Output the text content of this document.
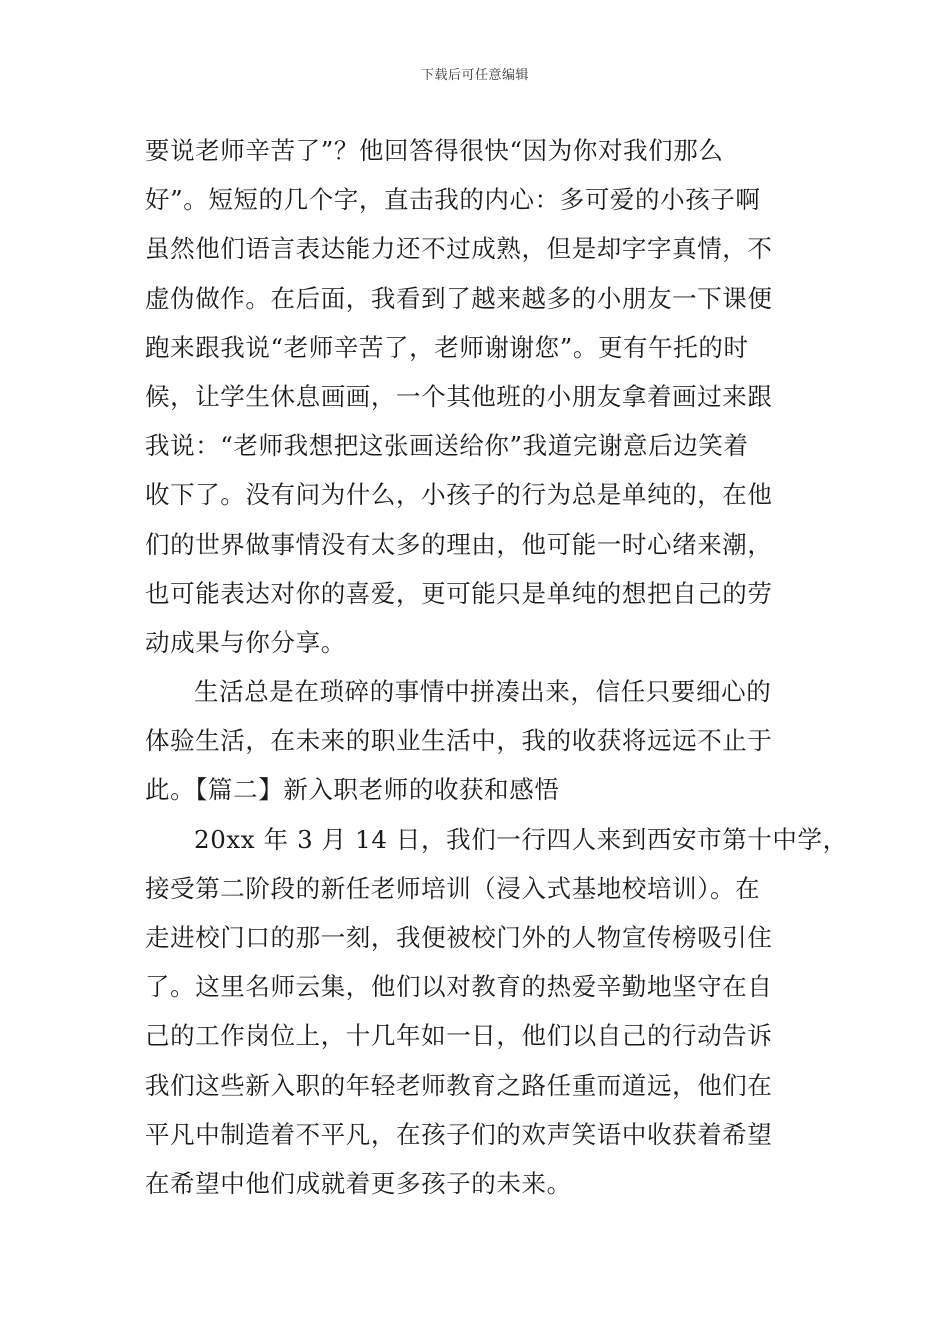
下载后可任意编辑
要说老师辛苦了”？他回答得很快“因为你对我们那么
好”。短短的几个字，直击我的内心：多可爱的小孩子啊
虽然他们语言表达能力还不过成熟，但是却字字真情，不
虚伪做作。在后面，我看到了越来越多的小朋友一下课便
跑来跟我说“老师辛苦了，老师谢谢您”。更有午托的时
候，让学生休息画画，一个其他班的小朋友拿着画过来跟
我说：“老师我想把这张画送给你”我道完谢意后边笑着
收下了。没有问为什么，小孩子的行为总是单纯的，在他
们的世界做事情没有太多的理由，他可能一时心绪来潮，
也可能表达对你的喜爱，更可能只是单纯的想把自己的劳
动成果与你分享。
生活总是在琐碎的事情中拼凑出来，信任只要细心的
体验生活，在未来的职业生活中，我的收获将远远不止于
此。【篇二】新入职老师的收获和感悟
20xx 年 3 月 14 日，我们一行四人来到西安市第十中学，
接受第二阶段的新任老师培训（浸入式基地校培训）。在
走进校门口的那一刻，我便被校门外的人物宣传榜吸引住
了。这里名师云集，他们以对教育的热爱辛勤地坚守在自
己的工作岗位上，十几年如一日，他们以自己的行动告诉
我们这些新入职的年轻老师教育之路任重而道远，他们在
平凡中制造着不平凡，在孩子们的欢声笑语中收获着希望
在希望中他们成就着更多孩子的未来。
